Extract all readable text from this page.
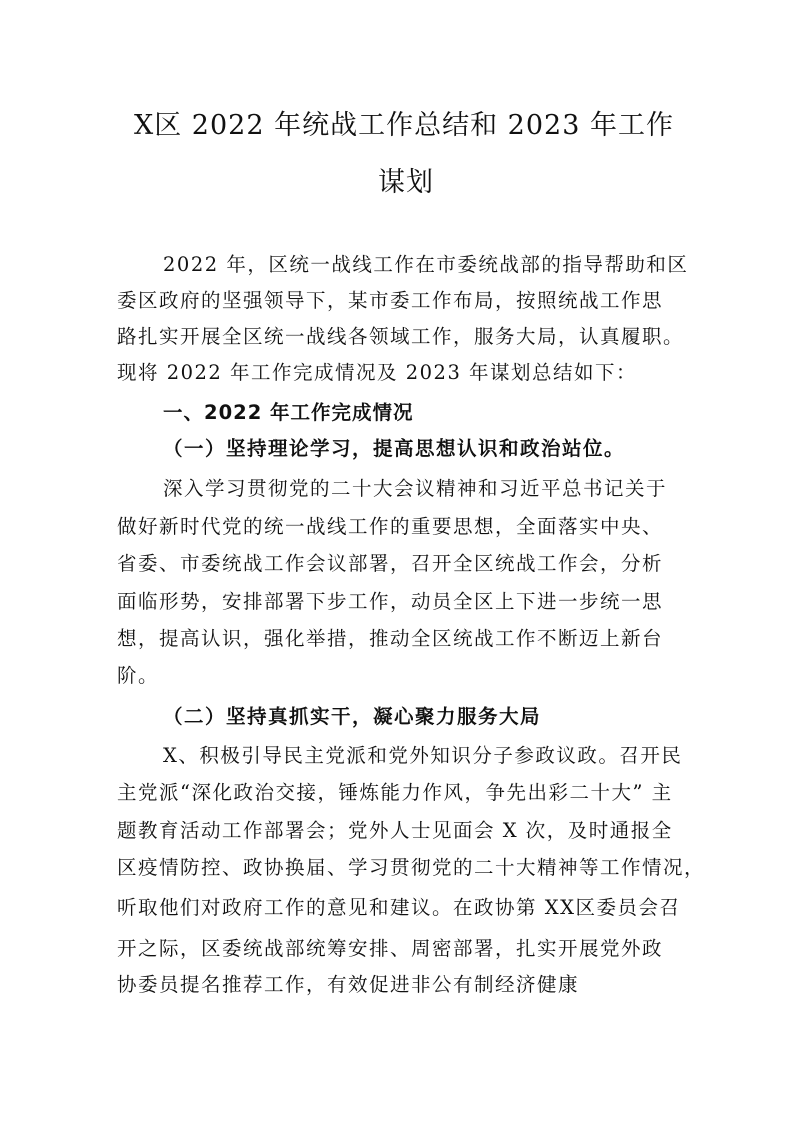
X区 2022 年统战工作总结和 2023 年工作
谋划
2022 年，区统一战线工作在市委统战部的指导帮助和区
委区政府的坚强领导下，某市委工作布局，按照统战工作思
路扎实开展全区统一战线各领域工作，服务大局，认真履职。
现将 2022 年工作完成情况及 2023 年谋划总结如下：
一、2022 年工作完成情况
（一）坚持理论学习，提高思想认识和政治站位。
深入学习贯彻党的二十大会议精神和习近平总书记关于
做好新时代党的统一战线工作的重要思想，全面落实中央、
省委、市委统战工作会议部署，召开全区统战工作会，分析
面临形势，安排部署下步工作，动员全区上下进一步统一思
想，提高认识，强化举措，推动全区统战工作不断迈上新台
阶。
（二）坚持真抓实干，凝心聚力服务大局
X、积极引导民主党派和党外知识分子参政议政。召开民
主党派“深化政治交接，锤炼能力作风，争先出彩二十大” 主
题教育活动工作部署会；党外人士见面会 X 次，及时通报全
区疫情防控、政协换届、学习贯彻党的二十大精神等工作情况，
听取他们对政府工作的意见和建议。在政协第 XX区委员会召
开之际，区委统战部统筹安排、周密部署，扎实开展党外政
协委员提名推荐工作，有效促进非公有制经济健康
